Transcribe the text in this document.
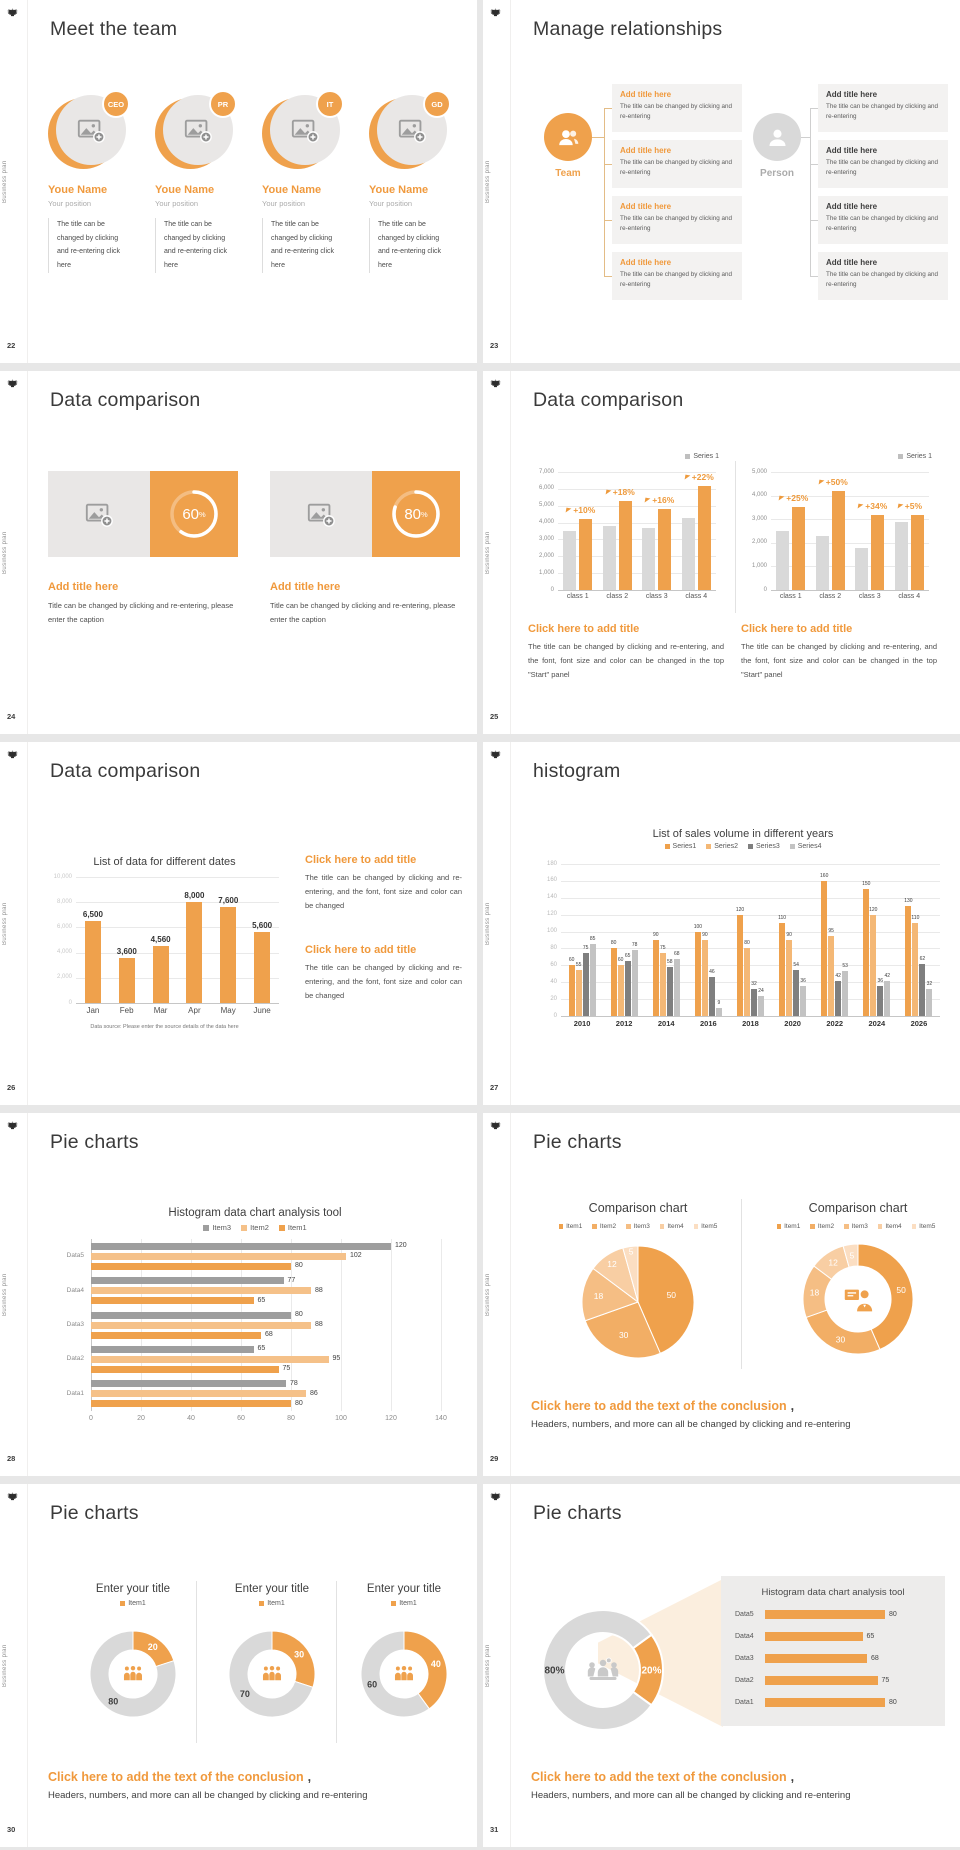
Business plan
22
Meet the team
CEO
Youe Name
Your position
The title can be changed by clicking and re-entering click here
PR
Youe Name
Your position
The title can be changed by clicking and re-entering click here
IT
Youe Name
Your position
The title can be changed by clicking and re-entering click here
GD
Youe Name
Your position
The title can be changed by clicking and re-entering click here
Business plan
23
Manage relationships
Team
Add title here
The title can be changed by clicking and re-entering
Add title here
The title can be changed by clicking and re-entering
Add title here
The title can be changed by clicking and re-entering
Add title here
The title can be changed by clicking and re-entering
Person
Add title here
The title can be changed by clicking and re-entering
Add title here
The title can be changed by clicking and re-entering
Add title here
The title can be changed by clicking and re-entering
Add title here
The title can be changed by clicking and re-entering
Business plan
24
Data comparison
60%
Add title here
Title can be changed by clicking and re-entering, please enter the caption
80%
Add title here
Title can be changed by clicking and re-entering, please enter the caption
Business plan
25
Data comparison
Series 1
0
1,000
2,000
3,000
4,000
5,000
6,000
7,000
class 1
+10%
class 2
+18%
class 3
+16%
class 4
+22%
Click here to add title
The title can be changed by clicking and re-entering, and the font, font size and color can be changed in the top "Start" panel
Series 1
0
1,000
2,000
3,000
4,000
5,000
class 1
+25%
class 2
+50%
class 3
+34%
class 4
+5%
Click here to add title
The title can be changed by clicking and re-entering, and the font, font size and color can be changed in the top "Start" panel
Business plan
26
Data comparison
List of data for different dates
0
2,000
4,000
6,000
8,000
10,000
Jan
6,500
Feb
3,600
Mar
4,560
Apr
8,000
May
7,600
June
5,600
Data source: Please enter the source details of the data here
Click here to add title
The title can be changed by clicking and re-entering, and the font, font size and color can be changed
Click here to add title
The title can be changed by clicking and re-entering, and the font, font size and color can be changed
Business plan
27
histogram
List of sales volume in different years
Series1	Series2	Series3	Series4
0
20
40
60
80
100
120
140
160
180
2010
60
55
75
85
2012
80
60
65
78
2014
90
75
58
68
2016
100
90
46
9
2018
120
80
32
24
2020
110
90
54
36
2022
160
95
42
53
2024
150
120
36
42
2026
130
110
62
32
Business plan
28
Pie charts
Histogram data chart analysis tool
Item3	Item2	Item1
0	20	40	60	80	100	120	140
Data5
120
102
80
Data4
77
88
65
Data3
80
88
68
Data2
65
95
75
Data1
78
86
80
Business plan
29
Pie charts
Comparison chart
Item1	Item2	Item3	Item4	Item5
50
30
18
12
5
Comparison chart
Item1	Item2	Item3	Item4	Item5
50
30
18
12
5
Click here to add the text of the conclusion ,
Headers, numbers, and more can all be changed by clicking and re-entering
Business plan
30
Pie charts
Enter your title
Item1
20
80
Enter your title
Item1
30
70
Enter your title
Item1
40
60
Click here to add the text of the conclusion ,
Headers, numbers, and more can all be changed by clicking and re-entering
Business plan
31
Pie charts
Histogram data chart analysis tool
Data5	80
Data4	65
Data3	68
Data2	75
Data1	80
20%
80%
Click here to add the text of the conclusion ,
Headers, numbers, and more can all be changed by clicking and re-entering
